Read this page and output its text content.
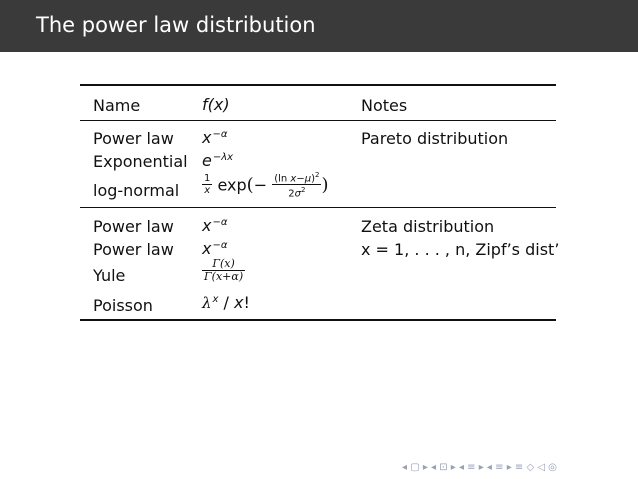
The power law distribution
Name	f(x)	Notes
Power law $x^{-\alpha}$	Pareto distribution
Exponential $e^{-\lambda x}$
log-normal $\frac{1}{x} \exp(- \frac{(\ln x-\mu)^2}{2\sigma^2}$ )
Power law $x^{-\alpha}$	Zeta distribution
Power law $x^{-\alpha}$	x = 1, . . . , n, Zipf’s dist’
Yule	$\frac{\Gamma(x)}{\Gamma(x+\alpha)}$
Poisson	$\lambda^x$ / x!
◂ ▢ ▸ ◂ ⊡ ▸ ◂ ≡ ▸ ◂ ≡ ▸ ≡ ◇ ◁ ◎
